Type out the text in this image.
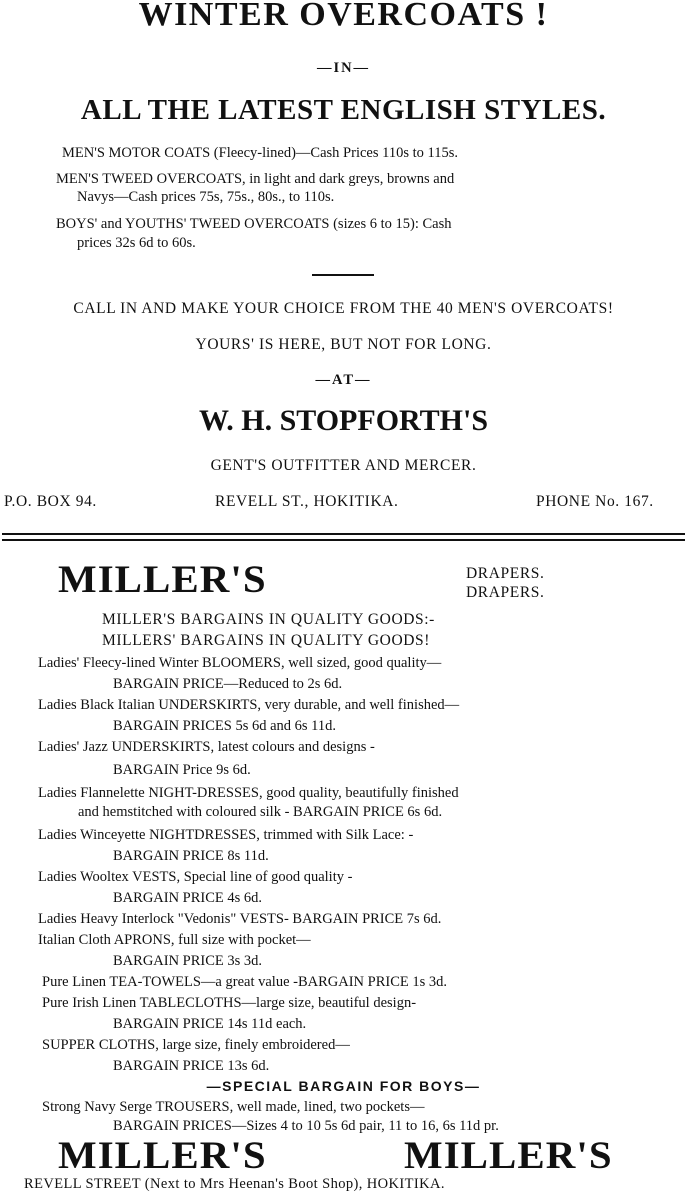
WINTER OVERCOATS !
—IN—
ALL THE LATEST ENGLISH STYLES.
MEN'S MOTOR COATS (Fleecy-lined)—Cash Prices 110s to 115s.
MEN'S TWEED OVERCOATS, in light and dark greys, browns and
Navys—Cash prices 75s, 75s., 80s., to 110s.
BOYS' and YOUTHS' TWEED OVERCOATS (sizes 6 to 15): Cash
prices 32s 6d to 60s.
CALL IN AND MAKE YOUR CHOICE FROM THE 40 MEN'S OVERCOATS!
YOURS' IS HERE, BUT NOT FOR LONG.
—AT—
W. H. STOPFORTH'S
GENT'S OUTFITTER AND MERCER.
P.O. BOX 94.	REVELL ST., HOKITIKA.	PHONE No. 167.
MILLER'S	DRAPERS.
DRAPERS.
MILLER'S BARGAINS IN QUALITY GOODS:-
MILLERS' BARGAINS IN QUALITY GOODS!
Ladies' Fleecy-lined Winter BLOOMERS, well sized, good quality—
BARGAIN PRICE—Reduced to 2s 6d.
Ladies Black Italian UNDERSKIRTS, very durable, and well finished—
BARGAIN PRICES 5s 6d and 6s 11d.
Ladies' Jazz UNDERSKIRTS, latest colours and designs -
BARGAIN Price 9s 6d.
Ladies Flannelette NIGHT-DRESSES, good quality, beautifully finished
and hemstitched with coloured silk - BARGAIN PRICE 6s 6d.
Ladies Winceyette NIGHTDRESSES, trimmed with Silk Lace: -
BARGAIN PRICE 8s 11d.
Ladies Wooltex VESTS, Special line of good quality -
BARGAIN PRICE 4s 6d.
Ladies Heavy Interlock "Vedonis" VESTS- BARGAIN PRICE 7s 6d.
Italian Cloth APRONS, full size with pocket—
BARGAIN PRICE 3s 3d.
Pure Linen TEA-TOWELS—a great value -BARGAIN PRICE 1s 3d.
Pure Irish Linen TABLECLOTHS—large size, beautiful design-
BARGAIN PRICE 14s 11d each.
SUPPER CLOTHS, large size, finely embroidered—
BARGAIN PRICE 13s 6d.
—SPECIAL BARGAIN FOR BOYS—
Strong Navy Serge TROUSERS, well made, lined, two pockets—
BARGAIN PRICES—Sizes 4 to 10 5s 6d pair, 11 to 16, 6s 11d pr.
MILLER'S	MILLER'S
REVELL STREET (Next to Mrs Heenan's Boot Shop), HOKITIKA.
